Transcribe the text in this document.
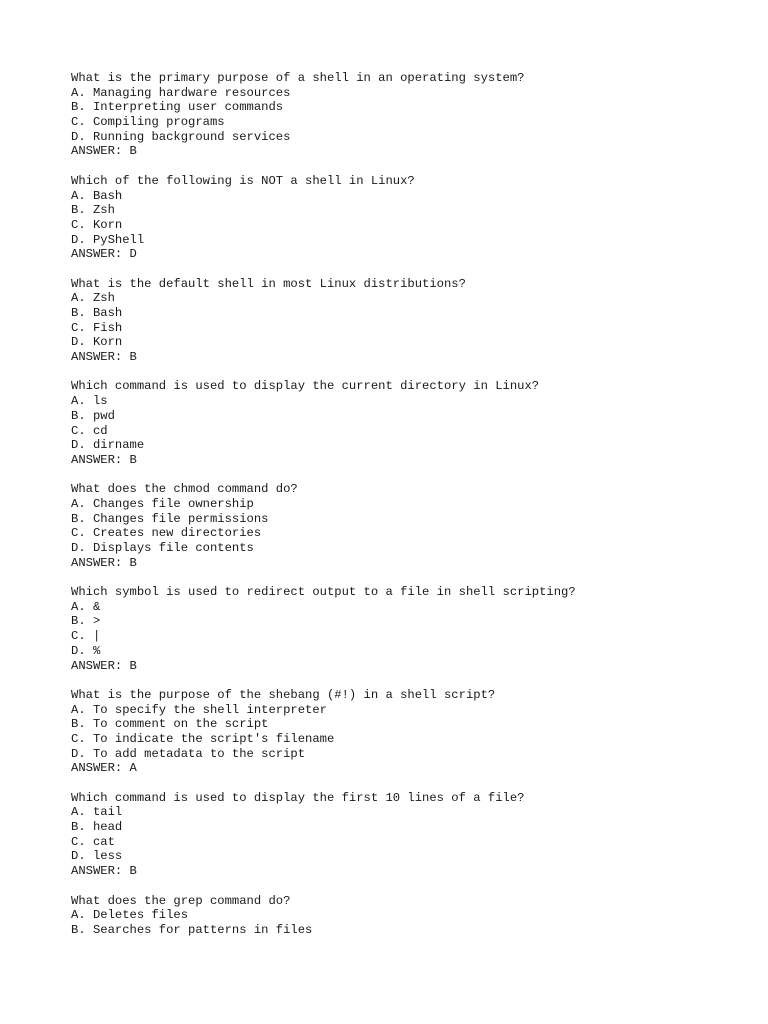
What is the primary purpose of a shell in an operating system?
A. Managing hardware resources
B. Interpreting user commands
C. Compiling programs
D. Running background services
ANSWER: B
Which of the following is NOT a shell in Linux?
A. Bash
B. Zsh
C. Korn
D. PyShell
ANSWER: D
What is the default shell in most Linux distributions?
A. Zsh
B. Bash
C. Fish
D. Korn
ANSWER: B
Which command is used to display the current directory in Linux?
A. ls
B. pwd
C. cd
D. dirname
ANSWER: B
What does the chmod command do?
A. Changes file ownership
B. Changes file permissions
C. Creates new directories
D. Displays file contents
ANSWER: B
Which symbol is used to redirect output to a file in shell scripting?
A. &
B. >
C. |
D. %
ANSWER: B
What is the purpose of the shebang (#!) in a shell script?
A. To specify the shell interpreter
B. To comment on the script
C. To indicate the script's filename
D. To add metadata to the script
ANSWER: A
Which command is used to display the first 10 lines of a file?
A. tail
B. head
C. cat
D. less
ANSWER: B
What does the grep command do?
A. Deletes files
B. Searches for patterns in files
